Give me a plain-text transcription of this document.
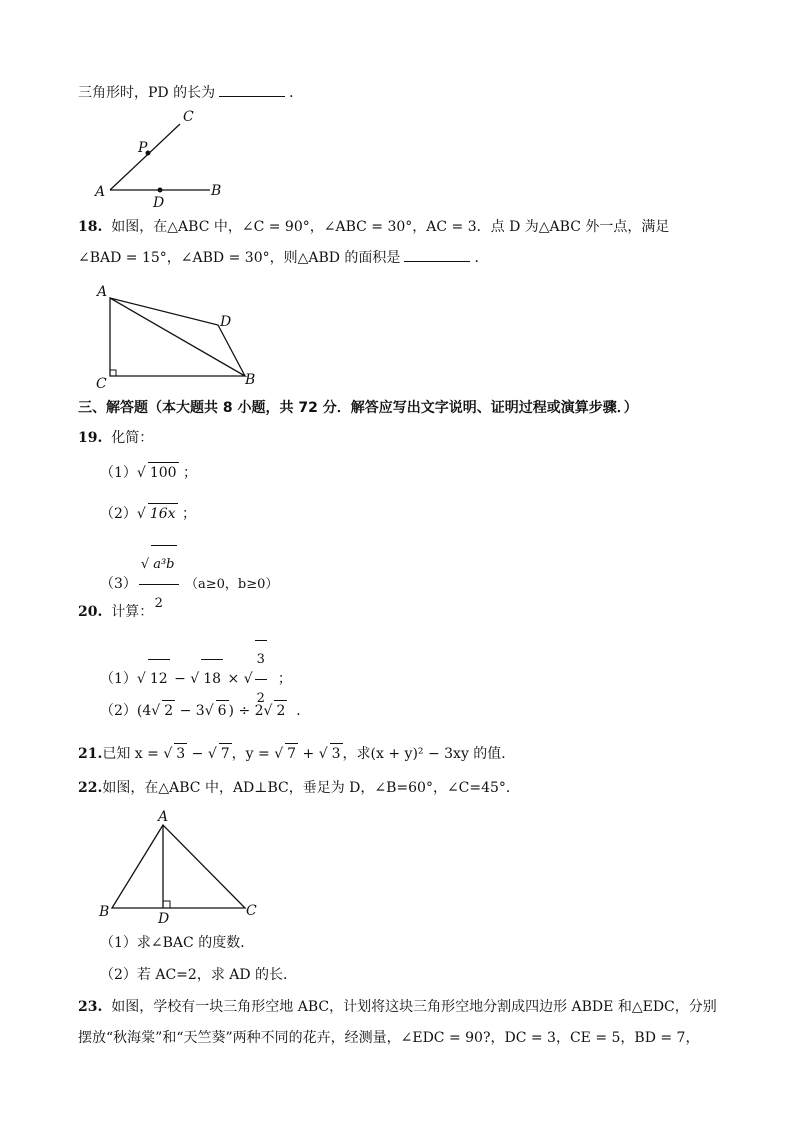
三角形时，PD 的长为	．
A	B
C
P
D
18. 如图，在△ABC 中，∠C = 90°，∠ABC = 30°，AC = 3．点 D 为△ABC 外一点，满足
∠BAD = 15°，∠ABD = 30°，则△ABD 的面积是	．
A
C	B
D
三、解答题（本大题共 8 小题，共 72 分．解答应写出文字说明、证明过程或演算步骤．）
19. 化简：
（1）√ 100 ；
（2）√ 16x ；
$(3) \frac{\text{√ a³b}}{2} (a\ge 0$，b≥0）
20. 计算：
（1）√ 12 − √ 18 × √ $\frac{3}{2}$ ；
（2）(4√ 2 − 3√ 6 ) ÷ 2√ 2 ．
21.已知 x = √ 3 − √ 7 ，y = √ 7 + √ 3 ，求(x + y)² − 3xy 的值．
22.如图，在△ABC 中，AD⊥BC，垂足为 D，∠B=60°，∠C=45°．
A
B	D	C
（1）求∠BAC 的度数．
（2）若 AC=2，求 AD 的长．
23. 如图，学校有一块三角形空地 ABC，计划将这块三角形空地分割成四边形 ABDE 和△EDC，分别
摆放“秋海棠”和“天竺葵”两种不同的花卉，经测量，∠EDC = 90?，DC = 3，CE = 5，BD = 7，
